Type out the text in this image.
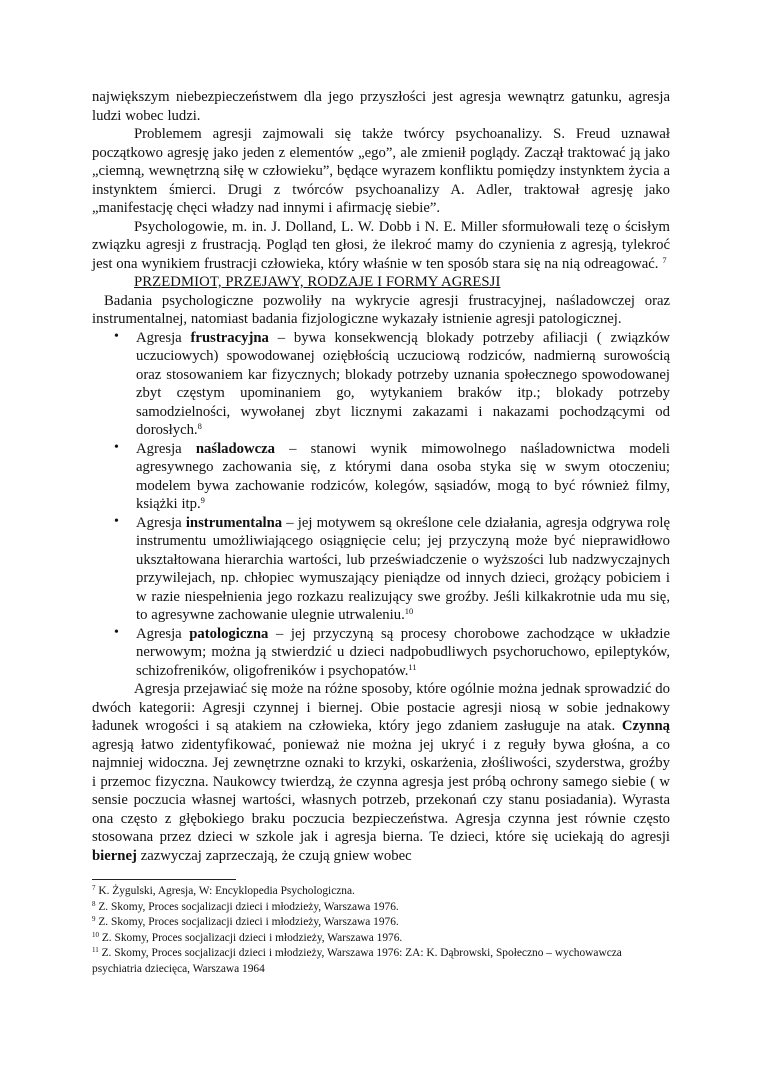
największym niebezpieczeństwem dla jego przyszłości jest agresja wewnątrz gatunku, agresja ludzi wobec ludzi.

Problemem agresji zajmowali się także twórcy psychoanalizy. S. Freud uznawał początkowo agresję jako jeden z elementów „ego”, ale zmienił poglądy. Zaczął traktować ją jako „ciemną, wewnętrzną siłę w człowieku”, będące wyrazem konfliktu pomiędzy instynktem życia a instynktem śmierci. Drugi z twórców psychoanalizy A. Adler, traktował agresję jako „manifestację chęci władzy nad innymi i afirmację siebie”.

Psychologowie, m. in. J. Dolland, L. W. Dobb i N. E. Miller sformułowali tezę o ścisłym związku agresji z frustracją. Pogląd ten głosi, że ilekroć mamy do czynienia z agresją, tylekroć jest ona wynikiem frustracji człowieka, który właśnie w ten sposób stara się na nią odreagować. $^7$

PRZEDMIOT, PRZEJAWY, RODZAJE I FORMY AGRESJI

Badania psychologiczne pozwoliły na wykrycie agresji frustracyjnej, naśladowczej oraz instrumentalnej, natomiast badania fizjologiczne wykazały istnienie agresji patologicznej.

• Agresja frustracyjna – bywa konsekwencją blokady potrzeby afiliacji ( związków uczuciowych) spowodowanej oziębłością uczuciową rodziców, nadmierną surowością oraz stosowaniem kar fizycznych; blokady potrzeby uznania społecznego spowodowanej zbyt częstym upominaniem go, wytykaniem braków itp.; blokady potrzeby samodzielności, wywołanej zbyt licznymi zakazami i nakazami pochodzącymi od dorosłych.$^8$

• Agresja naśladowcza – stanowi wynik mimowolnego naśladownictwa modeli agresywnego zachowania się, z którymi dana osoba styka się w swym otoczeniu; modelem bywa zachowanie rodziców, kolegów, sąsiadów, mogą to być również filmy, książki itp.$^9$

• Agresja instrumentalna – jej motywem są określone cele działania, agresja odgrywa rolę instrumentu umożliwiającego osiągnięcie celu; jej przyczyną może być nieprawidłowo ukształtowana hierarchia wartości, lub przeświadczenie o wyższości lub nadzwyczajnych przywilejach, np. chłopiec wymuszający pieniądze od innych dzieci, grożący pobiciem i w razie niespełnienia jego rozkazu realizujący swe groźby. Jeśli kilkakrotnie uda mu się, to agresywne zachowanie ulegnie utrwaleniu.$^{10}$

• Agresja patologiczna – jej przyczyną są procesy chorobowe zachodzące w układzie nerwowym; można ją stwierdzić u dzieci nadpobudliwych psychoruchowo, epileptyków, schizofreników, oligofreników i psychopatów.$^{11}$

Agresja przejawiać się może na różne sposoby, które ogólnie można jednak sprowadzić do dwóch kategorii: Agresji czynnej i biernej. Obie postacie agresji niosą w sobie jednakowy ładunek wrogości i są atakiem na człowieka, który jego zdaniem zasługuje na atak. Czynną agresją łatwo zidentyfikować, ponieważ nie można jej ukryć i z reguły bywa głośna, a co najmniej widoczna. Jej zewnętrzne oznaki to krzyki, oskarżenia, złośliwości, szyderstwa, groźby i przemoc fizyczna. Naukowcy twierdzą, że czynna agresja jest próbą ochrony samego siebie ( w sensie poczucia własnej wartości, własnych potrzeb, przekonań czy stanu posiadania). Wyrasta ona często z głębokiego braku poczucia bezpieczeństwa. Agresja czynna jest równie często stosowana przez dzieci w szkole jak i agresja bierna. Te dzieci, które się uciekają do agresji biernej zazwyczaj zaprzeczają, że czują gniew wobec

$^7$ K. Żygulski, Agresja, W: Encyklopedia Psychologiczna.

$^8$ Z. Skomy, Proces socjalizacji dzieci i młodzieży, Warszawa 1976.

$^9$ Z. Skomy, Proces socjalizacji dzieci i młodzieży, Warszawa 1976.

$^{10}$ Z. Skomy, Proces socjalizacji dzieci i młodzieży, Warszawa 1976.

$^{11}$ Z. Skomy, Proces socjalizacji dzieci i młodzieży, Warszawa 1976: ZA: K. Dąbrowski, Społeczno – wychowawcza psychiatria dziecięca, Warszawa 1964
